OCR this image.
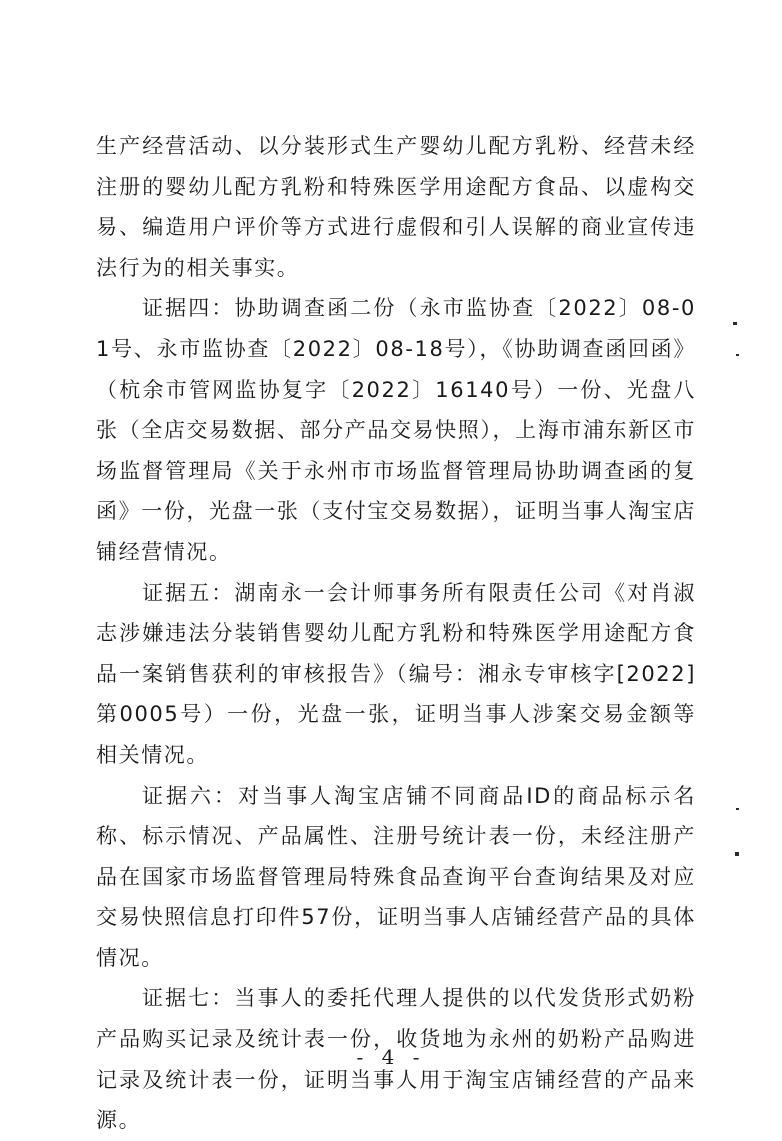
生产经营活动、以分装形式生产婴幼儿配方乳粉、经营未经注册的婴幼儿配方乳粉和特殊医学用途配方食品、以虚构交易、编造用户评价等方式进行虚假和引人误解的商业宣传违法行为的相关事实。

证据四：协助调查函二份（永市监协查〔2022〕08-01号、永市监协查〔2022〕08-18号），《协助调查函回函》（杭余市管网监协复字〔2022〕16140号）一份、光盘八张（全店交易数据、部分产品交易快照），上海市浦东新区市场监督管理局《关于永州市市场监督管理局协助调查函的复函》一份，光盘一张（支付宝交易数据），证明当事人淘宝店铺经营情况。

证据五：湖南永一会计师事务所有限责任公司《对肖淑志涉嫌违法分装销售婴幼儿配方乳粉和特殊医学用途配方食品一案销售获利的审核报告》（编号：湘永专审核字[2022]第0005号）一份，光盘一张，证明当事人涉案交易金额等相关情况。

证据六：对当事人淘宝店铺不同商品ID的商品标示名称、标示情况、产品属性、注册号统计表一份，未经注册产品在国家市场监督管理局特殊食品查询平台查询结果及对应交易快照信息打印件57份，证明当事人店铺经营产品的具体情况。

证据七：当事人的委托代理人提供的以代发货形式奶粉产品购买记录及统计表一份，收货地为永州的奶粉产品购进记录及统计表一份，证明当事人用于淘宝店铺经营的产品来源。

- 4 -
